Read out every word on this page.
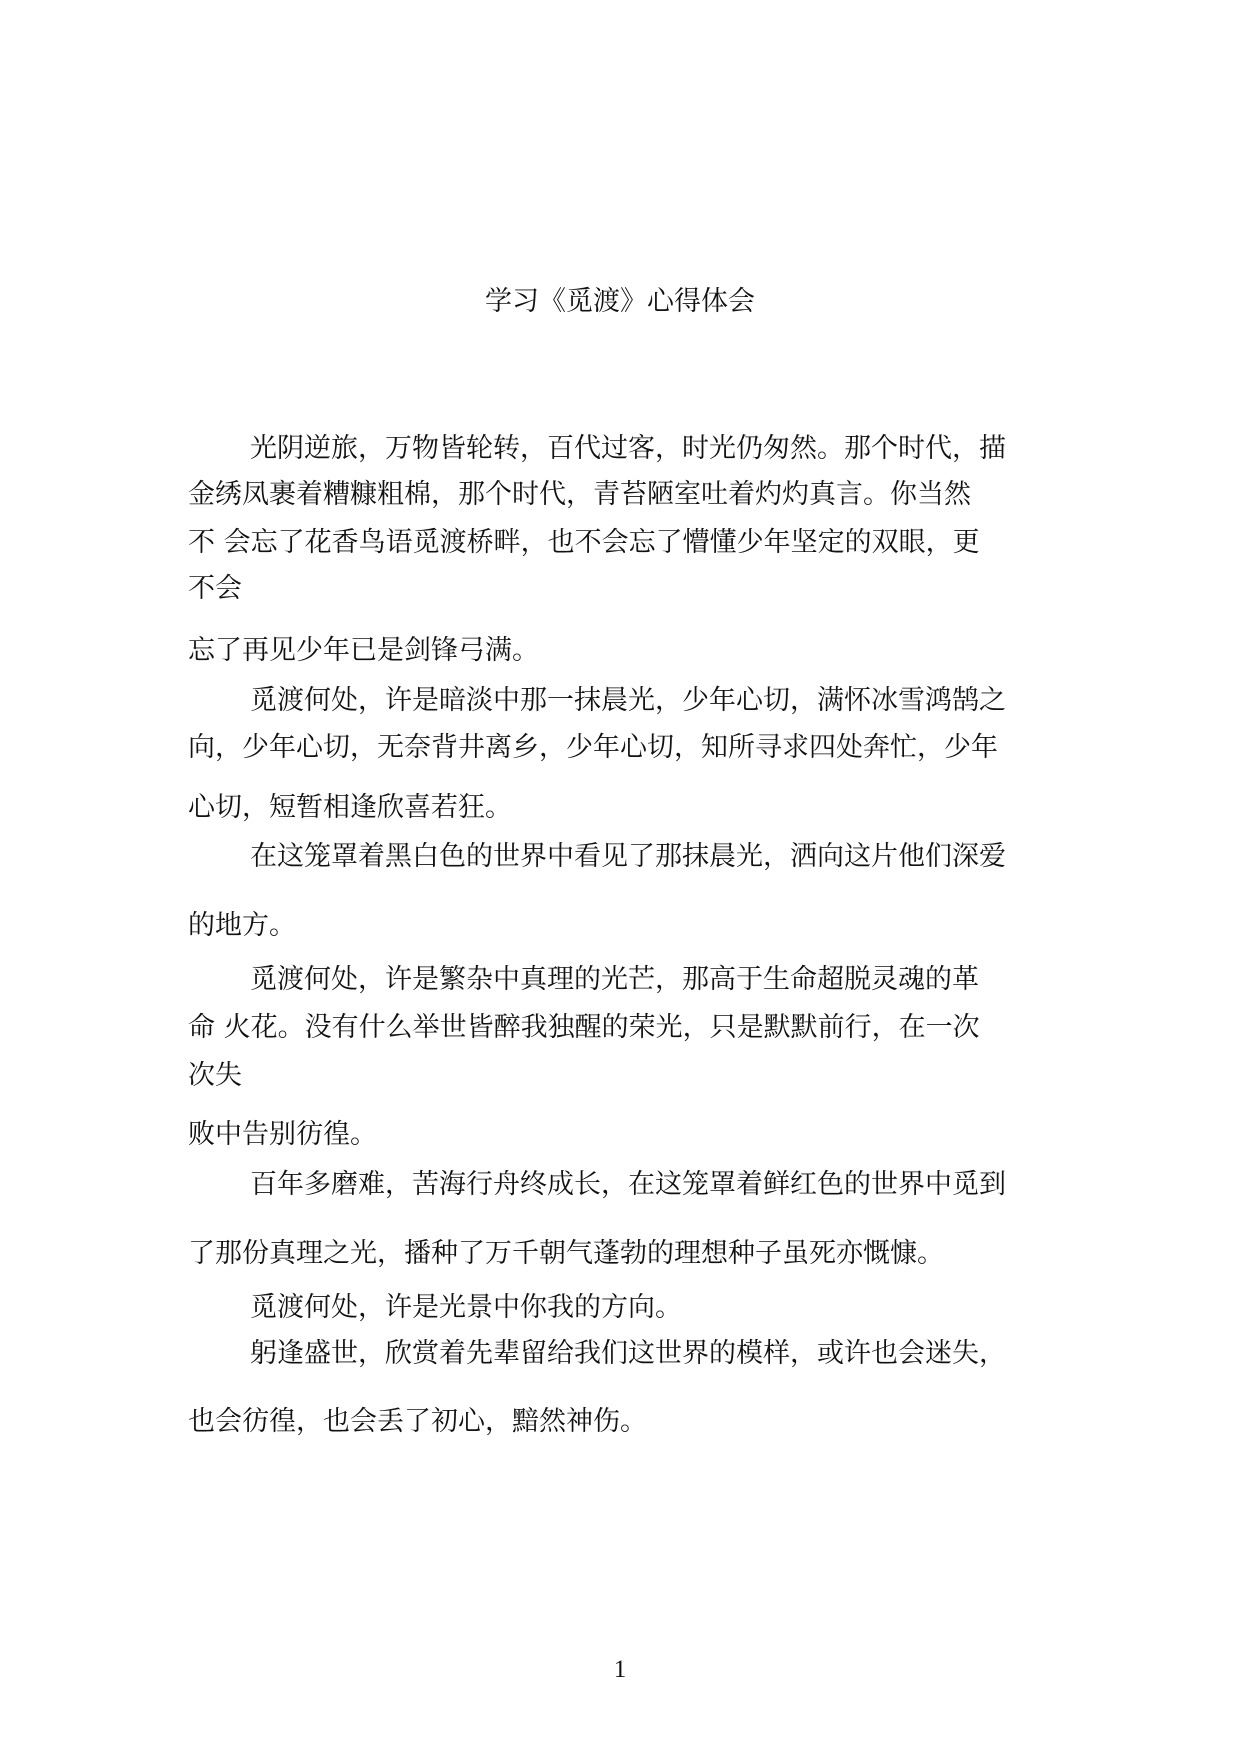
学习《觅渡》心得体会
光阴逆旅，万物皆轮转，百代过客，时光仍匆然。那个时代，描
金绣凤裹着糟糠粗棉，那个时代，青苔陋室吐着灼灼真言。你当然
不 会忘了花香鸟语觅渡桥畔，也不会忘了懵懂少年坚定的双眼，更
不会
忘了再见少年已是剑锋弓满。
觅渡何处，许是暗淡中那一抹晨光，少年心切，满怀冰雪鸿鹄之
向，少年心切，无奈背井离乡，少年心切，知所寻求四处奔忙，少年
心切，短暂相逢欣喜若狂。
在这笼罩着黑白色的世界中看见了那抹晨光，洒向这片他们深爱
的地方。
觅渡何处，许是繁杂中真理的光芒，那高于生命超脱灵魂的革
命 火花。没有什么举世皆醉我独醒的荣光，只是默默前行，在一次
次失
败中告别彷徨。
百年多磨难，苦海行舟终成长，在这笼罩着鲜红色的世界中觅到
了那份真理之光，播种了万千朝气蓬勃的理想种子虽死亦慨慷。
觅渡何处，许是光景中你我的方向。
躬逢盛世，欣赏着先辈留给我们这世界的模样，或许也会迷失，
也会彷徨，也会丢了初心，黯然神伤。
1
